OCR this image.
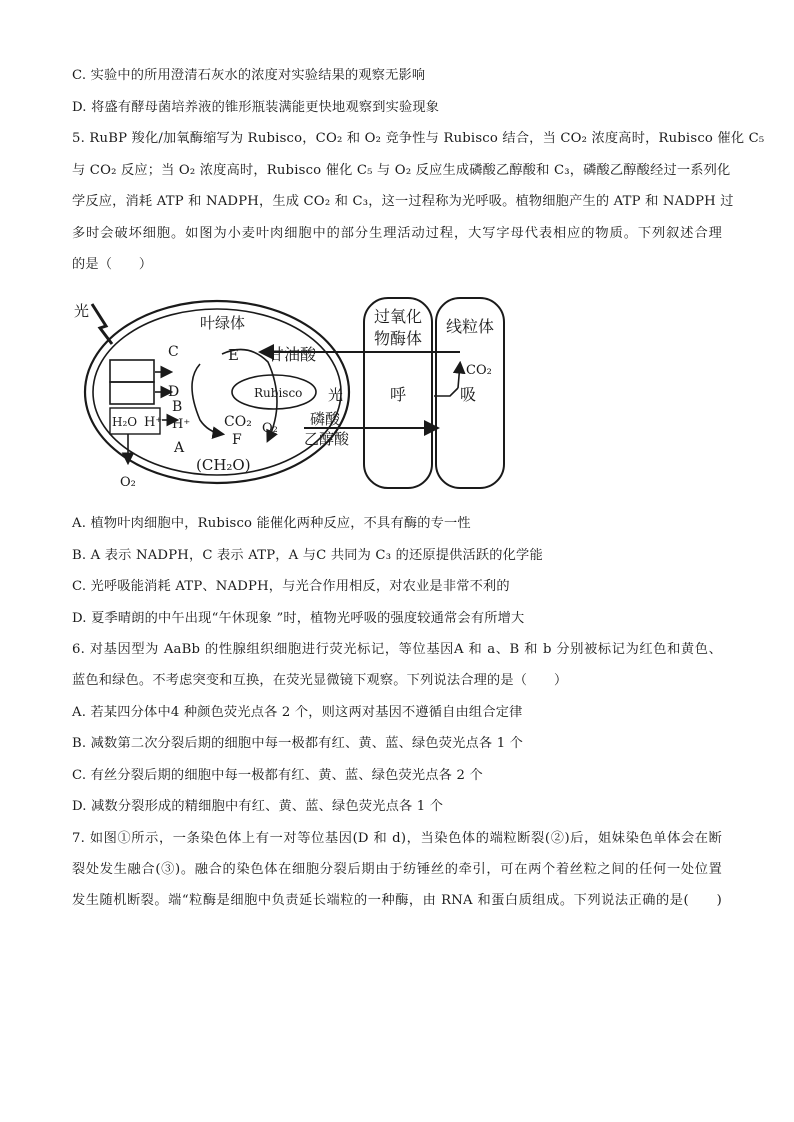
C. 实验中的所用澄清石灰水的浓度对实验结果的观察无影响
D. 将盛有酵母菌培养液的锥形瓶装满能更快地观察到实验现象
5. RuBP 羧化/加氧酶缩写为 Rubisco，CO₂ 和 O₂ 竞争性与 Rubisco 结合，当 CO₂ 浓度高时，Rubisco 催化 C₅
与 CO₂ 反应；当 O₂ 浓度高时，Rubisco 催化 C₅ 与 O₂ 反应生成磷酸乙醇酸和 C₃，磷酸乙醇酸经过一系列化
学反应，消耗 ATP 和 NADPH，生成 CO₂ 和 C₃，这一过程称为光呼吸。植物细胞产生的 ATP 和 NADPH 过
多时会破坏细胞。如图为小麦叶肉细胞中的部分生理活动过程，大写字母代表相应的物质。下列叙述合理
的是（　　）
光
叶绿体	过氧化
物酶体
线粒体
E 甘油酸
Rubisco 光	呼	吸
CO₂
磷酸
乙醇酸
CO₂ O₂
F
(CH₂O)
C
D
B
H⁺
A
H₂O H⁺
O₂
A. 植物叶肉细胞中，Rubisco 能催化两种反应，不具有酶的专一性
B. A 表示 NADPH，C 表示 ATP，A 与C 共同为 C₃ 的还原提供活跃的化学能
C. 光呼吸能消耗 ATP、NADPH，与光合作用相反，对农业是非常不利的
D. 夏季晴朗的中午出现“午休现象 ”时，植物光呼吸的强度较通常会有所增大
6. 对基因型为 AaBb 的性腺组织细胞进行荧光标记，等位基因A 和 a、B 和 b 分别被标记为红色和黄色、
蓝色和绿色。不考虑突变和互换，在荧光显微镜下观察。下列说法合理的是（　　）
A. 若某四分体中4 种颜色荧光点各 2 个，则这两对基因不遵循自由组合定律
B. 减数第二次分裂后期的细胞中每一极都有红、黄、蓝、绿色荧光点各 1 个
C. 有丝分裂后期的细胞中每一极都有红、黄、蓝、绿色荧光点各 2 个
D. 减数分裂形成的精细胞中有红、黄、蓝、绿色荧光点各 1 个
7. 如图①所示，一条染色体上有一对等位基因(D 和 d)，当染色体的端粒断裂(②)后，姐妹染色单体会在断
裂处发生融合(③)。融合的染色体在细胞分裂后期由于纺锤丝的牵引，可在两个着丝粒之间的任何一处位置
发生随机断裂。端“粒酶是细胞中负责延长端粒的一种酶，由 RNA 和蛋白质组成。下列说法正确的是(　　)
